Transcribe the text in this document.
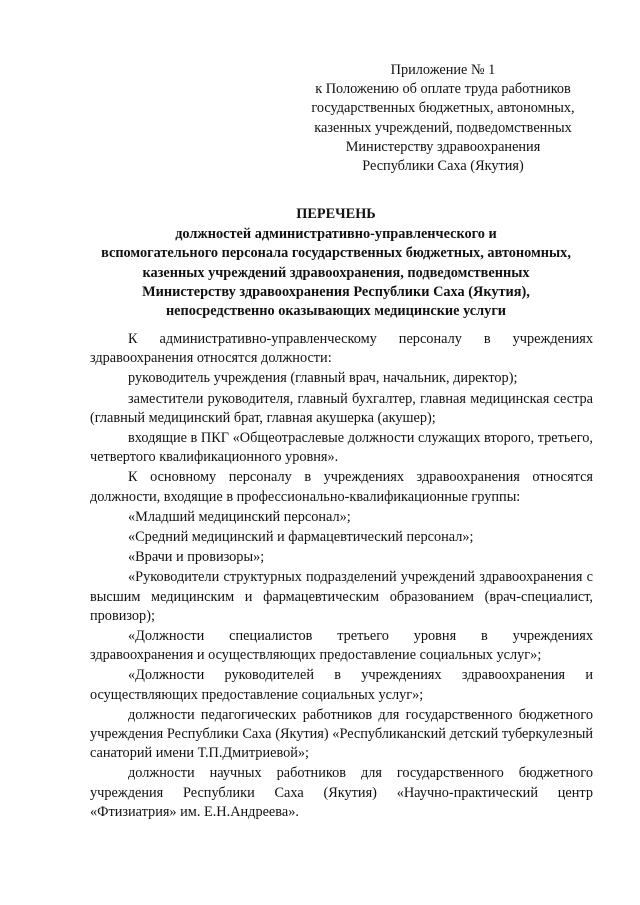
Приложение № 1
к Положению об оплате труда работников
государственных бюджетных, автономных,
казенных учреждений, подведомственных
Министерству здравоохранения
Республики Саха (Якутия)
ПЕРЕЧЕНЬ
должностей административно-управленческого и
вспомогательного персонала государственных бюджетных, автономных,
казенных учреждений здравоохранения, подведомственных
Министерству здравоохранения Республики Саха (Якутия),
непосредственно оказывающих медицинские услуги

К административно-управленческому персоналу в учреждениях здравоохранения относятся должности:

руководитель учреждения (главный врач, начальник, директор);

заместители руководителя, главный бухгалтер, главная медицинская сестра (главный медицинский брат, главная акушерка (акушер);

входящие в ПКГ «Общеотраслевые должности служащих второго, третьего, четвертого квалификационного уровня».

К основному персоналу в учреждениях здравоохранения относятся должности, входящие в профессионально-квалификационные группы:

«Младший медицинский персонал»;

«Средний медицинский и фармацевтический персонал»;

«Врачи и провизоры»;

«Руководители структурных подразделений учреждений здравоохранения с высшим медицинским и фармацевтическим образованием (врач-специалист, провизор);

«Должности специалистов третьего уровня в учреждениях здравоохранения и осуществляющих предоставление социальных услуг»;

«Должности руководителей в учреждениях здравоохранения и осуществляющих предоставление социальных услуг»;

должности педагогических работников для государственного бюджетного учреждения Республики Саха (Якутия) «Республиканский детский туберкулезный санаторий имени Т.П.Дмитриевой»;

должности научных работников для государственного бюджетного учреждения Республики Саха (Якутия) «Научно-практический центр «Фтизиатрия» им. Е.Н.Андреева».
